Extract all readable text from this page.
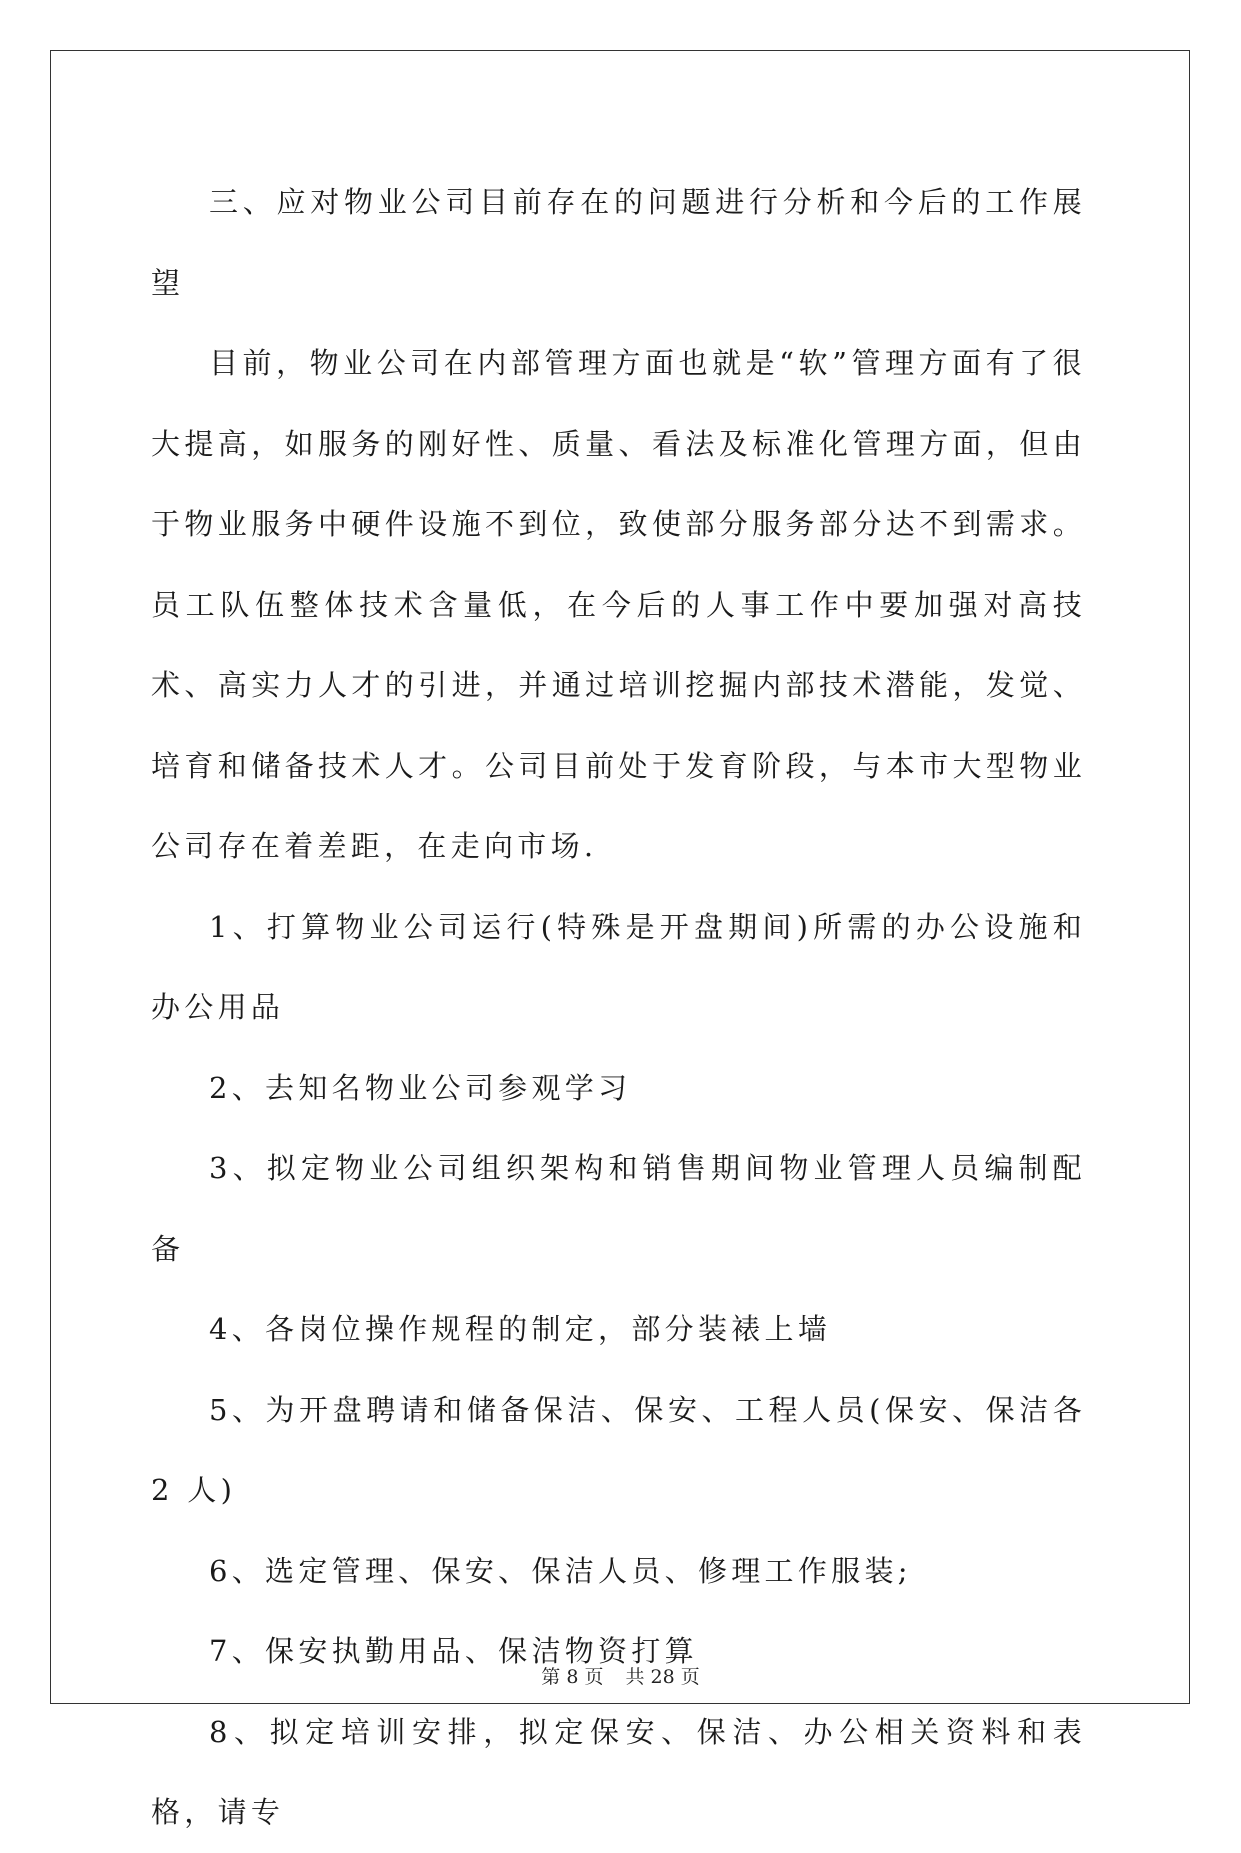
三、应对物业公司目前存在的问题进行分析和今后的工作展望

目前，物业公司在内部管理方面也就是“软”管理方面有了很大提高，如服务的刚好性、质量、看法及标准化管理方面，但由于物业服务中硬件设施不到位，致使部分服务部分达不到需求。员工队伍整体技术含量低，在今后的人事工作中要加强对高技术、高实力人才的引进，并通过培训挖掘内部技术潜能，发觉、培育和储备技术人才。公司目前处于发育阶段，与本市大型物业公司存在着差距，在走向市场.

1、打算物业公司运行(特殊是开盘期间)所需的办公设施和办公用品

2、去知名物业公司参观学习

3、拟定物业公司组织架构和销售期间物业管理人员编制配备

4、各岗位操作规程的制定，部分装裱上墙

5、为开盘聘请和储备保洁、保安、工程人员(保安、保洁各 2 人)

6、选定管理、保安、保洁人员、修理工作服装;

7、保安执勤用品、保洁物资打算

8、拟定培训安排，拟定保安、保洁、办公相关资料和表格，请专

第 8 页 共 28 页
